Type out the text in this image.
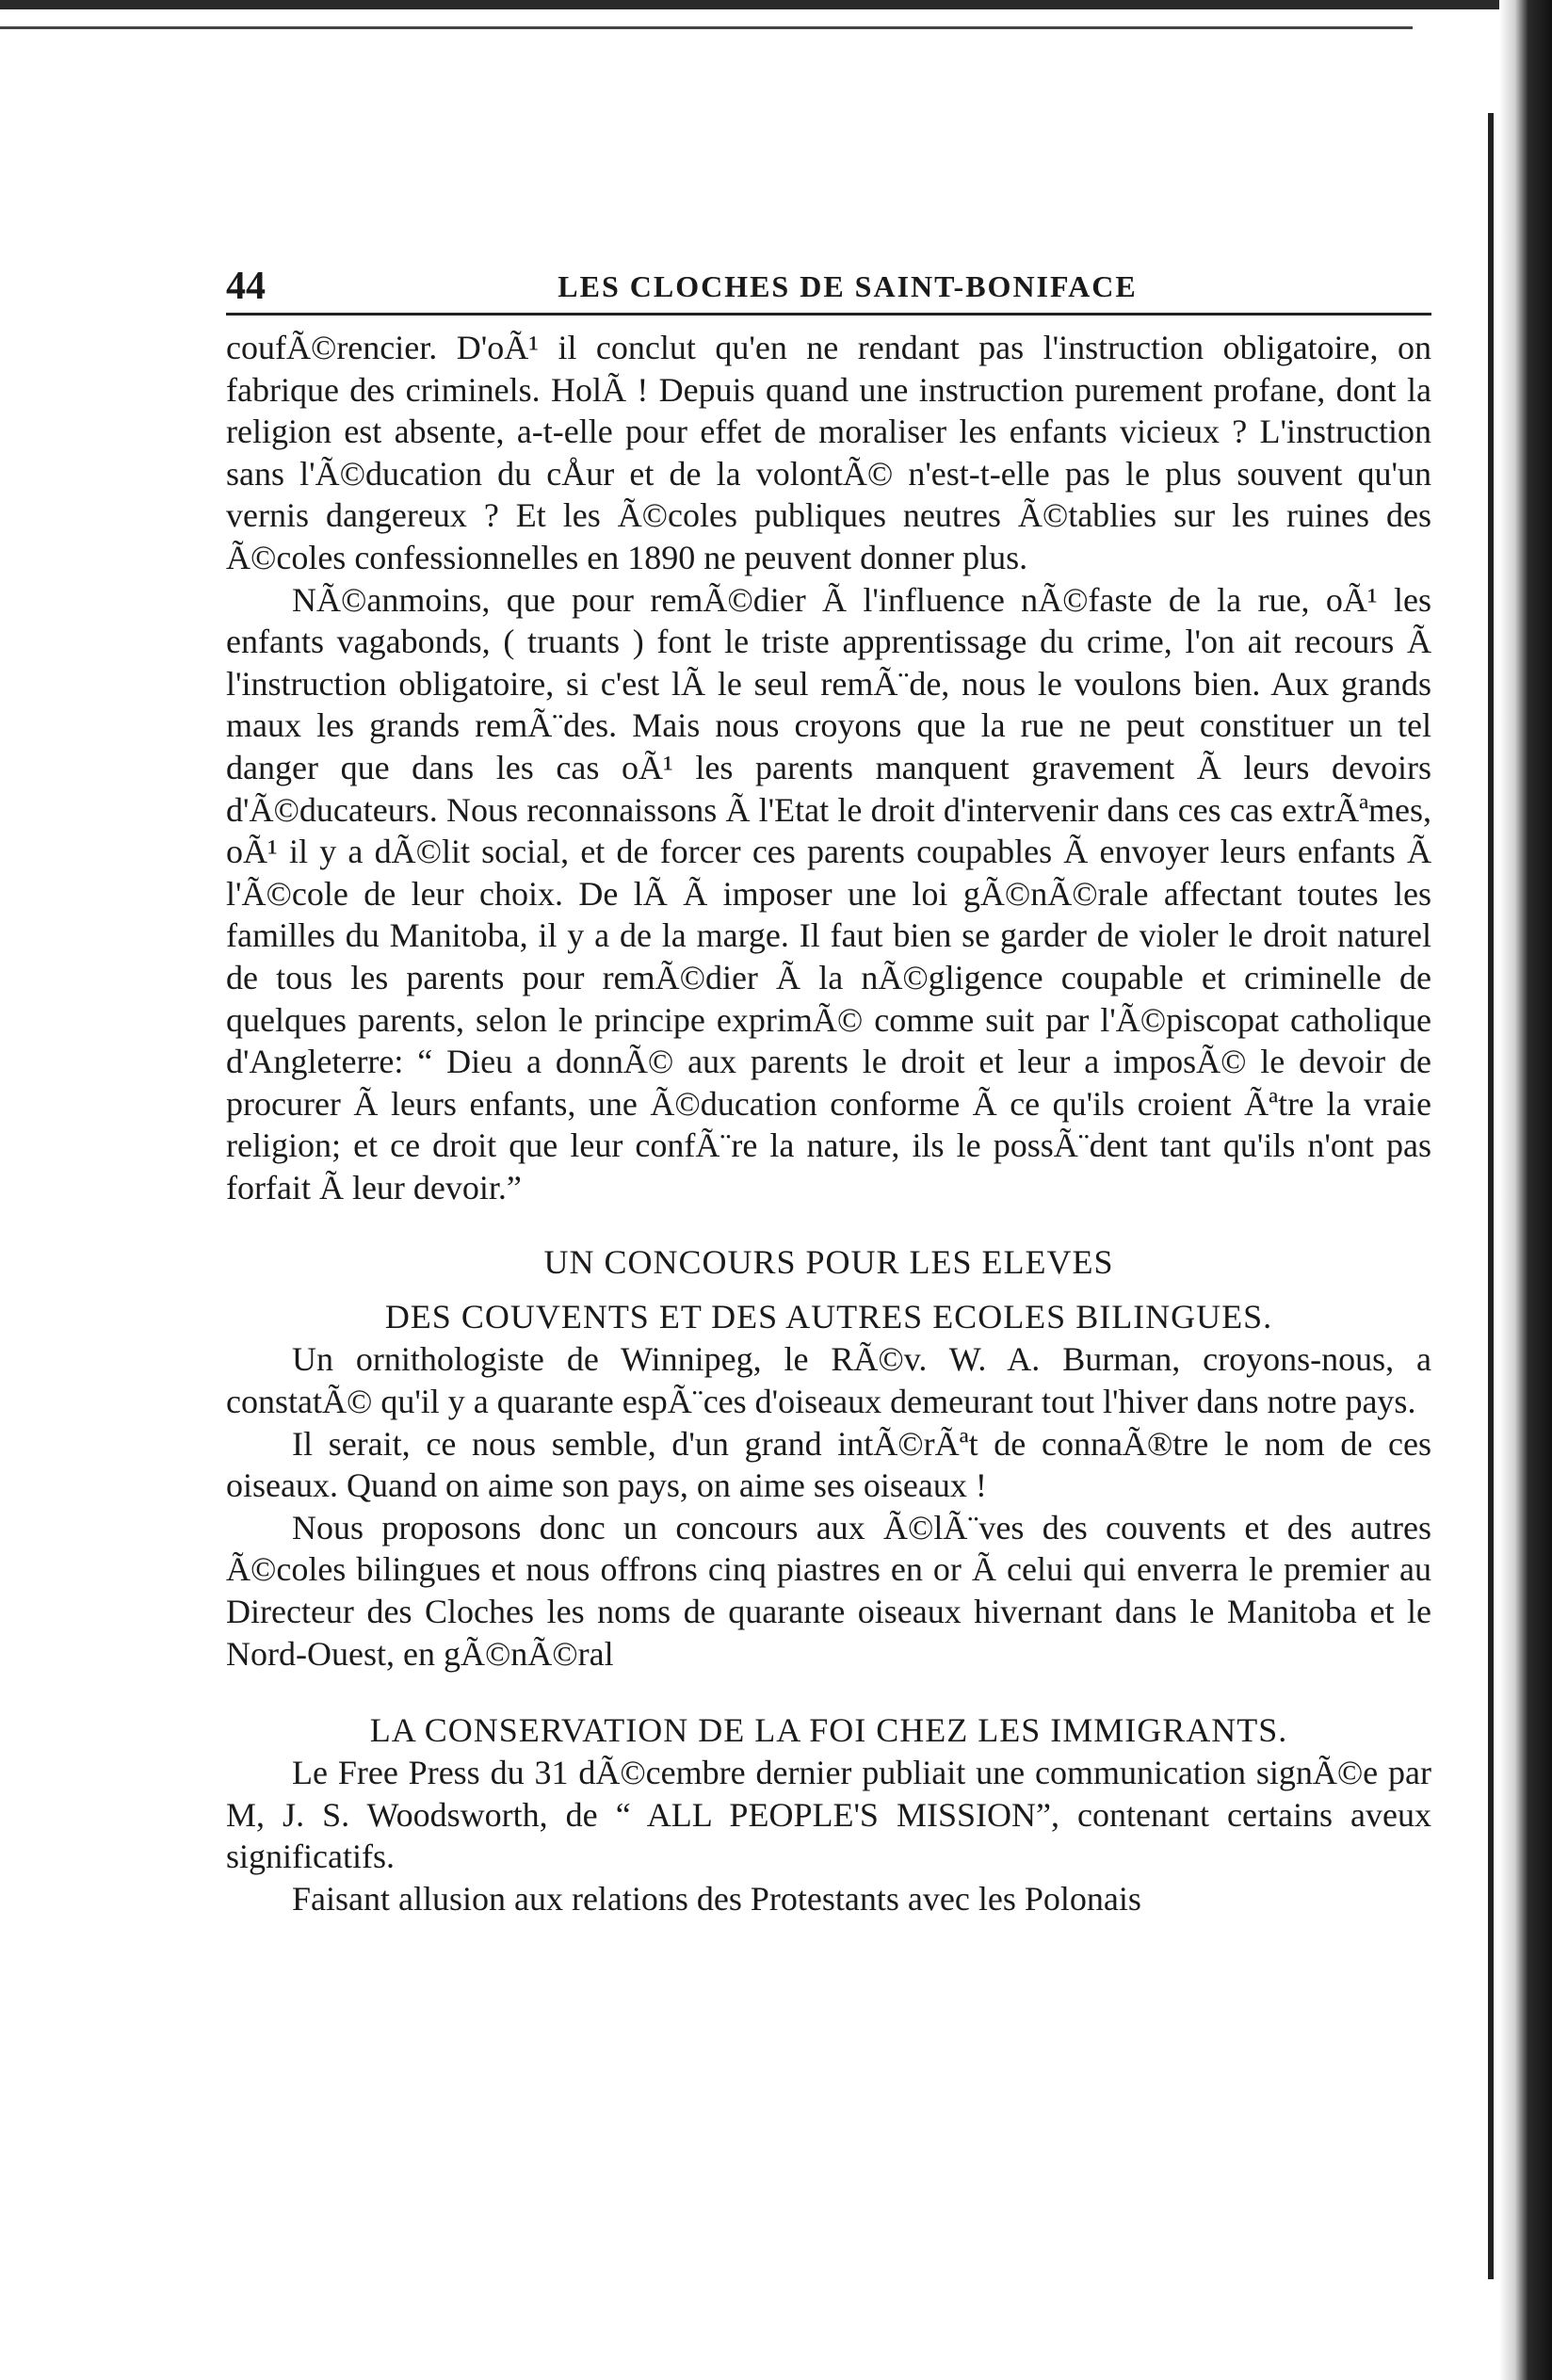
44	LES CLOCHES DE SAINT-BONIFACE

coufÃ©rencier. D'oÃ¹ il conclut qu'en ne rendant pas l'instruction obligatoire, on fabrique des criminels. HolÃ ! Depuis quand une instruction purement profane, dont la religion est absente, a-t-elle pour effet de moraliser les enfants vicieux ? L'instruction sans l'Ã©ducation du cÅur et de la volontÃ© n'est-t-elle pas le plus souvent qu'un vernis dangereux ? Et les Ã©coles publiques neutres Ã©tablies sur les ruines des Ã©coles confessionnelles en 1890 ne peuvent donner plus.

NÃ©anmoins, que pour remÃ©dier Ã l'influence nÃ©faste de la rue, oÃ¹ les enfants vagabonds, ( truants ) font le triste apprentissage du crime, l'on ait recours Ã l'instruction obligatoire, si c'est lÃ le seul remÃ¨de, nous le voulons bien. Aux grands maux les grands remÃ¨des. Mais nous croyons que la rue ne peut constituer un tel danger que dans les cas oÃ¹ les parents manquent gravement Ã leurs devoirs d'Ã©ducateurs. Nous reconnaissons Ã l'Etat le droit d'intervenir dans ces cas extrÃªmes, oÃ¹ il y a dÃ©lit social, et de forcer ces parents coupables Ã envoyer leurs enfants Ã l'Ã©cole de leur choix. De lÃ Ã imposer une loi gÃ©nÃ©rale affectant toutes les familles du Manitoba, il y a de la marge. Il faut bien se garder de violer le droit naturel de tous les parents pour remÃ©dier Ã la nÃ©gligence coupable et criminelle de quelques parents, selon le principe exprimÃ© comme suit par l'Ã©piscopat catholique d'Angleterre: “ Dieu a donnÃ© aux parents le droit et leur a imposÃ© le devoir de procurer Ã leurs enfants, une Ã©ducation conforme Ã ce qu'ils croient Ãªtre la vraie religion; et ce droit que leur confÃ¨re la nature, ils le possÃ¨dent tant qu'ils n'ont pas forfait Ã leur devoir.”

UN CONCOURS POUR LES ELEVES

DES COUVENTS ET DES AUTRES ECOLES BILINGUES.

Un ornithologiste de Winnipeg, le RÃ©v. W. A. Burman, croyons-nous, a constatÃ© qu'il y a quarante espÃ¨ces d'oiseaux demeurant tout l'hiver dans notre pays.

Il serait, ce nous semble, d'un grand intÃ©rÃªt de connaÃ®tre le nom de ces oiseaux. Quand on aime son pays, on aime ses oiseaux !

Nous proposons donc un concours aux Ã©lÃ¨ves des couvents et des autres Ã©coles bilingues et nous offrons cinq piastres en or Ã celui qui enverra le premier au Directeur des Cloches les noms de quarante oiseaux hivernant dans le Manitoba et le Nord-Ouest, en gÃ©nÃ©ral

LA CONSERVATION DE LA FOI CHEZ LES IMMIGRANTS.

Le Free Press du 31 dÃ©cembre dernier publiait une communication signÃ©e par M, J. S. Woodsworth, de “ ALL PEOPLE'S MISSION”, contenant certains aveux significatifs.

Faisant allusion aux relations des Protestants avec les Polonais
